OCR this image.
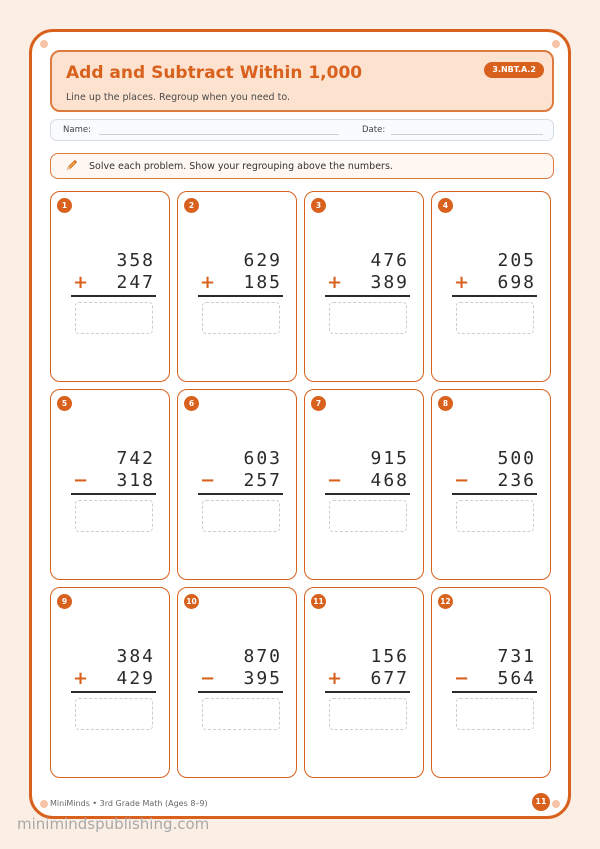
Add and Subtract Within 1,000
Line up the places. Regroup when you need to.
3.NBT.A.2
Name:	Date:
Solve each problem. Show your regrouping above the numbers.
1
358
+ 247
2
629
+ 185
3
476
+ 389
4
205
+ 698
5
742
− 318
6
603
− 257
7
915
− 468
8
500
− 236
9
384
+ 429
10
870
− 395
11
156
+ 677
12
731
− 564
MiniMinds • 3rd Grade Math (Ages 8–9)	11
minimindspublishing.com
